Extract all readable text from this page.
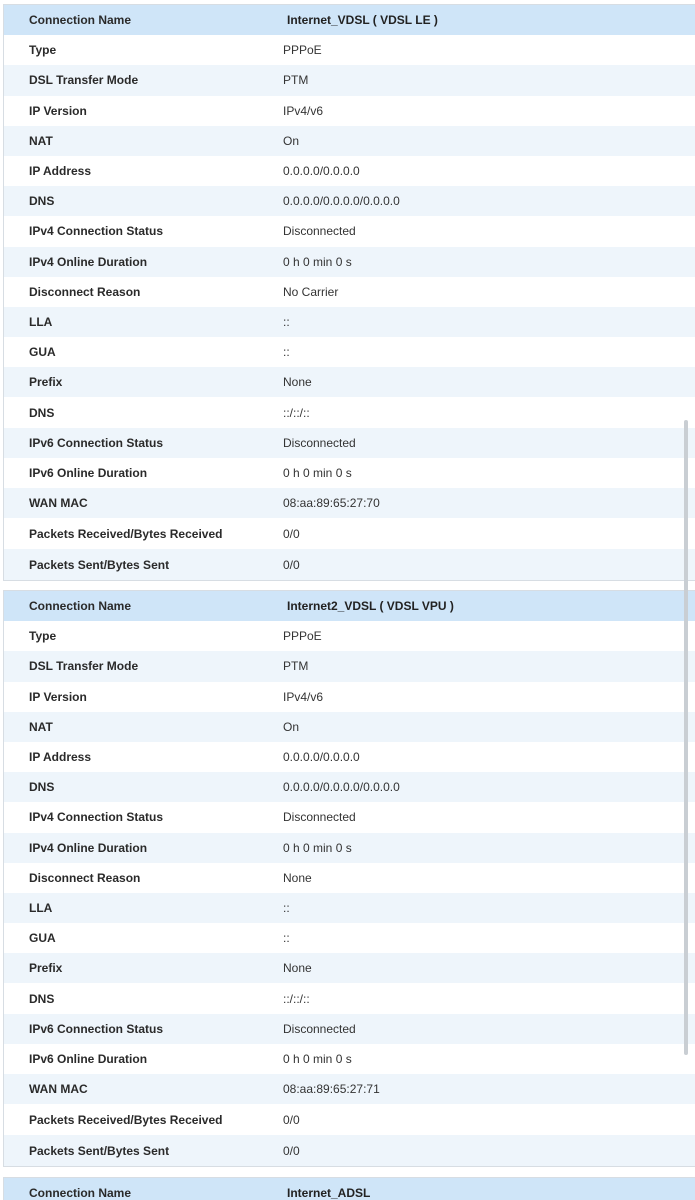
Connection Name	Internet_VDSL ( VDSL LE )
Type	PPPoE
DSL Transfer Mode	PTM
IP Version	IPv4/v6
NAT	On
IP Address	0.0.0.0/0.0.0.0
DNS	0.0.0.0/0.0.0.0/0.0.0.0
IPv4 Connection Status	Disconnected
IPv4 Online Duration	0 h 0 min 0 s
Disconnect Reason	No Carrier
LLA	::
GUA	::
Prefix	None
DNS	::/::/::
IPv6 Connection Status	Disconnected
IPv6 Online Duration	0 h 0 min 0 s
WAN MAC	08:aa:89:65:27:70
Packets Received/Bytes Received	0/0
Packets Sent/Bytes Sent	0/0
Connection Name	Internet2_VDSL ( VDSL VPU )
Type	PPPoE
DSL Transfer Mode	PTM
IP Version	IPv4/v6
NAT	On
IP Address	0.0.0.0/0.0.0.0
DNS	0.0.0.0/0.0.0.0/0.0.0.0
IPv4 Connection Status	Disconnected
IPv4 Online Duration	0 h 0 min 0 s
Disconnect Reason	None
LLA	::
GUA	::
Prefix	None
DNS	::/::/::
IPv6 Connection Status	Disconnected
IPv6 Online Duration	0 h 0 min 0 s
WAN MAC	08:aa:89:65:27:71
Packets Received/Bytes Received	0/0
Packets Sent/Bytes Sent	0/0
Connection Name	Internet_ADSL
